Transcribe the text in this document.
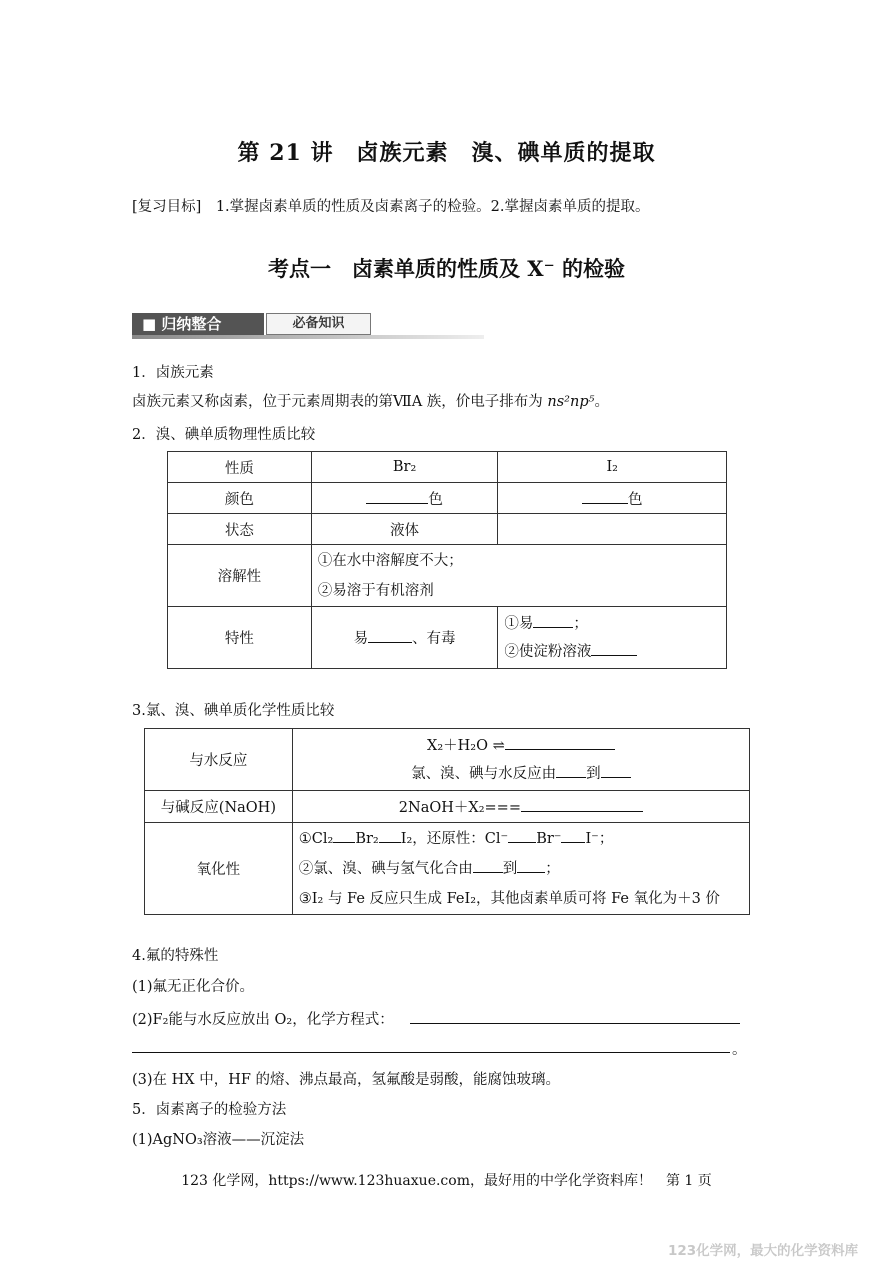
第 21 讲　卤族元素　溴、碘单质的提取
[复习目标]　1.掌握卤素单质的性质及卤素离子的检验。2.掌握卤素单质的提取。
考点一　卤素单质的性质及 X⁻ 的检验
■ 归纳整合	必备知识
1．卤族元素
卤族元素又称卤素，位于元素周期表的第ⅦA 族，价电子排布为 ns²np⁵。
2．溴、碘单质物理性质比较
性质	Br₂	I₂
颜色	色	色
状态	液体	
溶解性	①在水中溶解度不大；
②易溶于有机溶剂	

特性	易 、有毒	①易 ；
②使淀粉溶液
3.氯、溴、碘单质化学性质比较
与水反应	X₂＋H₂O ⇌
氯、溴、碘与水反应由 到

与碱反应(NaOH)	2NaOH＋X₂===
氧化性	①Cl₂ Br₂ I₂，还原性：Cl⁻ Br⁻ I⁻；
②氯、溴、碘与氢气化合由 到 ；
③I₂ 与 Fe 反应只生成 FeI₂，其他卤素单质可将 Fe 氧化为＋3 价
4.氟的特殊性
(1)氟无正化合价。
(2)F₂能与水反应放出 O₂，化学方程式：
。
(3)在 HX 中，HF 的熔、沸点最高，氢氟酸是弱酸，能腐蚀玻璃。
5．卤素离子的检验方法
(1)AgNO₃溶液——沉淀法
123 化学网，https://www.123huaxue.com，最好用的中学化学资料库！　第 1 页
123化学网，最大的化学资料库
